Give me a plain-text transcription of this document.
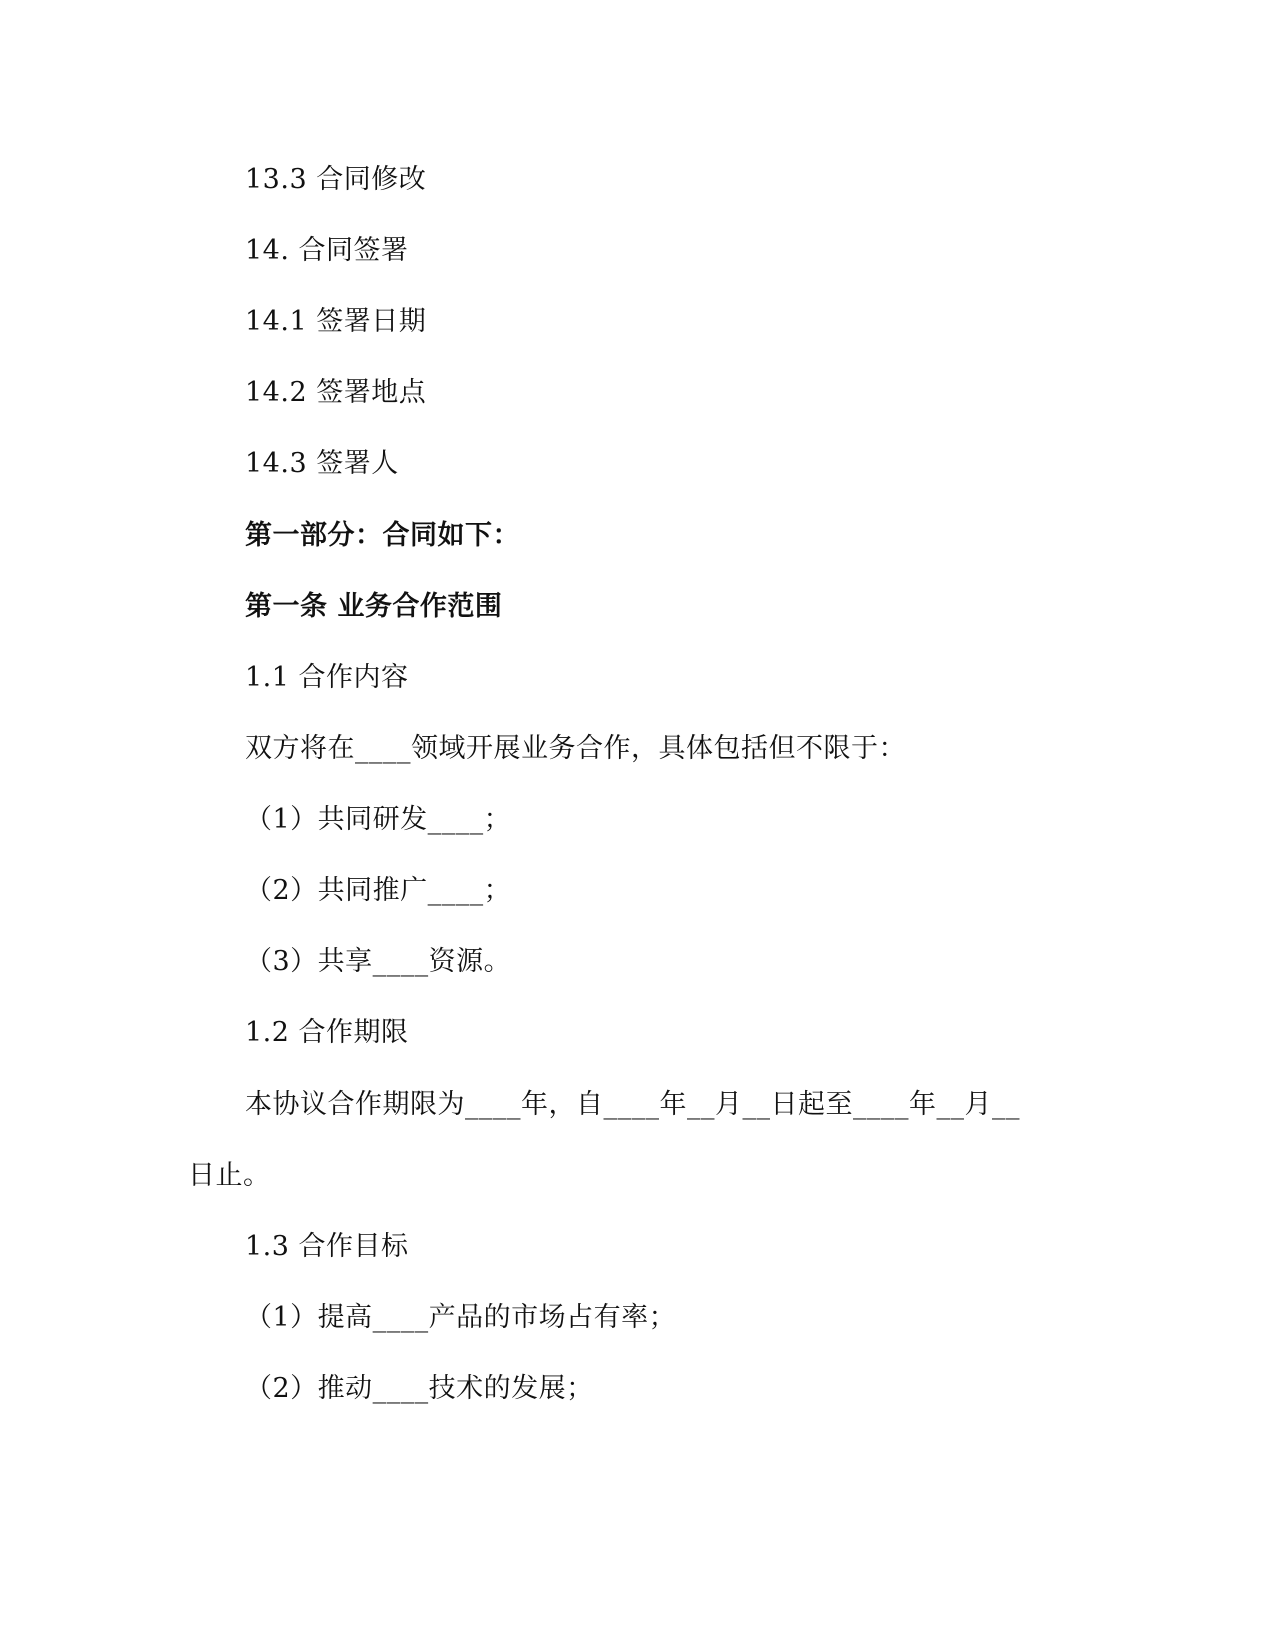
13.3 合同修改
14. 合同签署
14.1 签署日期
14.2 签署地点
14.3 签署人
第一部分：合同如下：
第一条 业务合作范围
1.1 合作内容
双方将在____领域开展业务合作，具体包括但不限于：
（1）共同研发____；
（2）共同推广____；
（3）共享____资源。
1.2 合作期限
本协议合作期限为____年，自____年__月__日起至____年__月__
日止。
1.3 合作目标
（1）提高____产品的市场占有率；
（2）推动____技术的发展；
